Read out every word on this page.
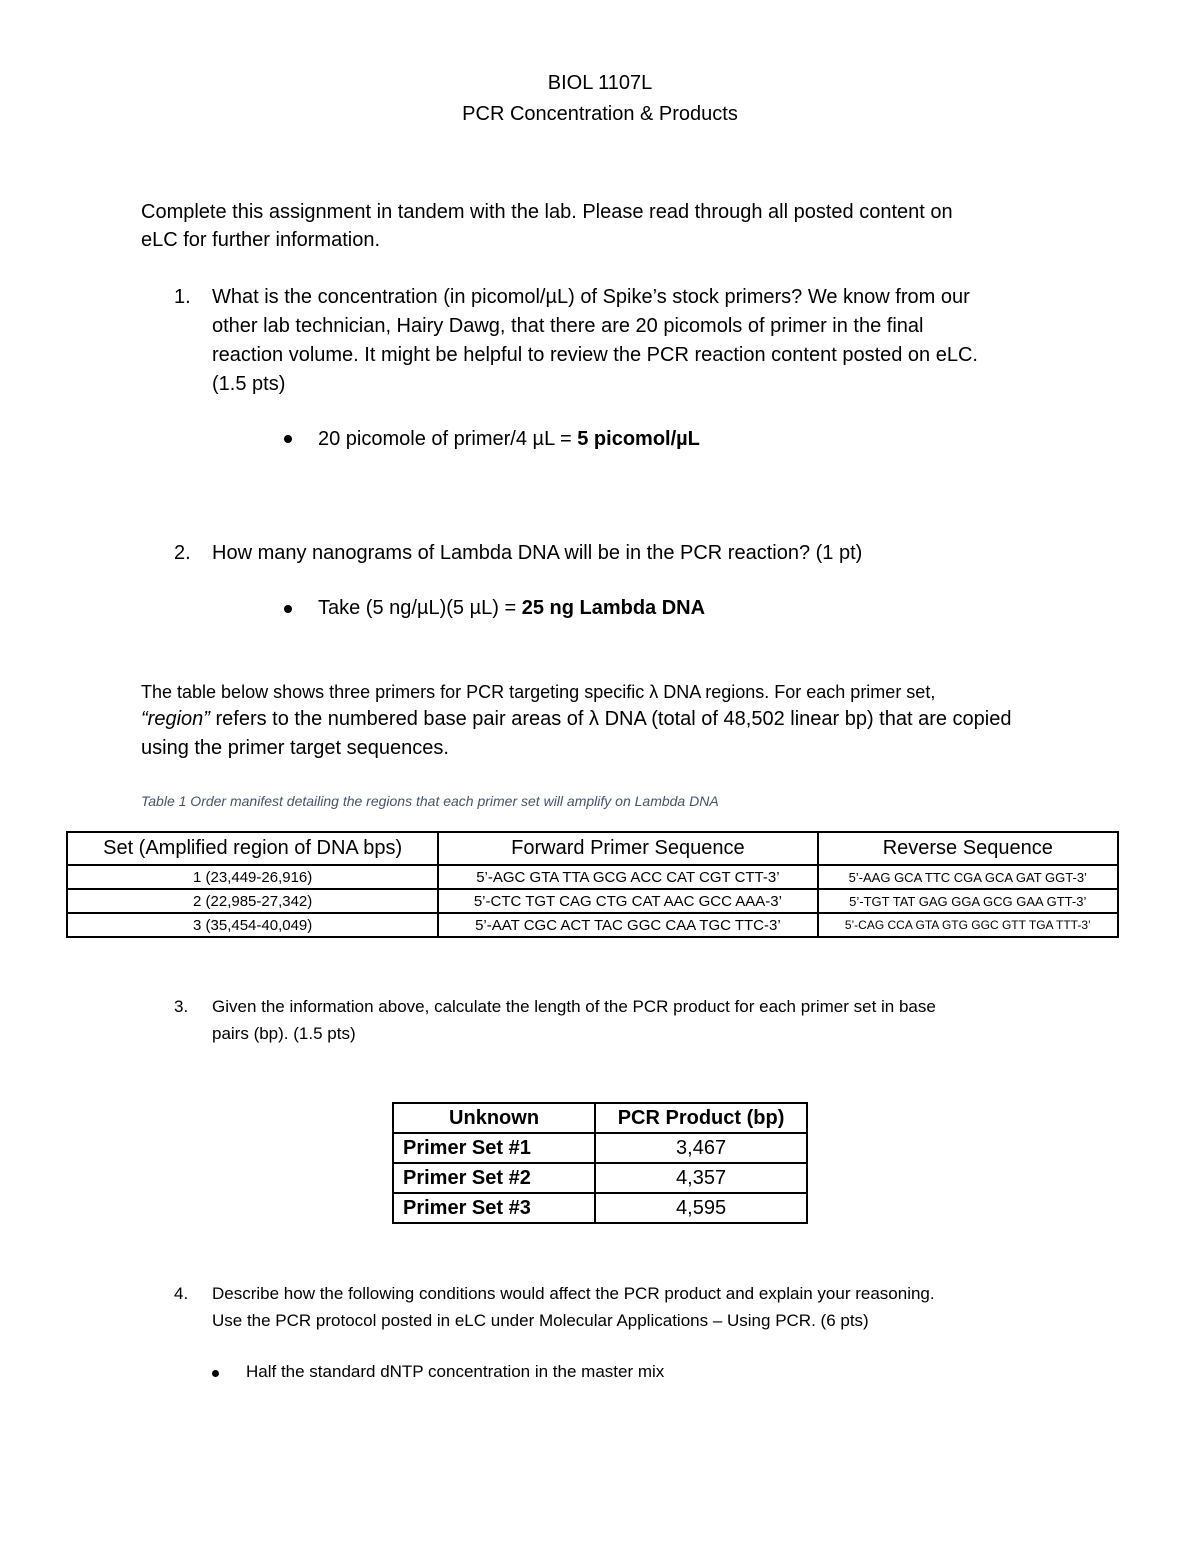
BIOL 1107L
PCR Concentration & Products
Complete this assignment in tandem with the lab. Please read through all posted content on
eLC for further information.
1.	What is the concentration (in picomol/µL) of Spike’s stock primers? We know from our
other lab technician, Hairy Dawg, that there are 20 picomols of primer in the final
reaction volume. It might be helpful to review the PCR reaction content posted on eLC.
(1.5 pts)
20 picomole of primer/4 µL = 5 picomol/µL
2.	How many nanograms of Lambda DNA will be in the PCR reaction? (1 pt)
Take (5 ng/µL)(5 µL) = 25 ng Lambda DNA
The table below shows three primers for PCR targeting specific λ DNA regions. For each primer set,
“region” refers to the numbered base pair areas of λ DNA (total of 48,502 linear bp) that are copied
using the primer target sequences.
Table 1 Order manifest detailing the regions that each primer set will amplify on Lambda DNA
Set (Amplified region of DNA bps)	Forward Primer Sequence	Reverse Sequence
1 (23,449-26,916)	5’-AGC GTA TTA GCG ACC CAT CGT CTT-3’	5’-AAG GCA TTC CGA GCA GAT GGT-3’
2 (22,985-27,342)	5’-CTC TGT CAG CTG CAT AAC GCC AAA-3’	5’-TGT TAT GAG GGA GCG GAA GTT-3’
3 (35,454-40,049)	5’-AAT CGC ACT TAC GGC CAA TGC TTC-3’	5’-CAG CCA GTA GTG GGC GTT TGA TTT-3’
3.	Given the information above, calculate the length of the PCR product for each primer set in base
pairs (bp). (1.5 pts)
Unknown	PCR Product (bp)
Primer Set #1	3,467
Primer Set #2	4,357
Primer Set #3	4,595
4.	Describe how the following conditions would affect the PCR product and explain your reasoning.
Use the PCR protocol posted in eLC under Molecular Applications – Using PCR. (6 pts)
Half the standard dNTP concentration in the master mix
